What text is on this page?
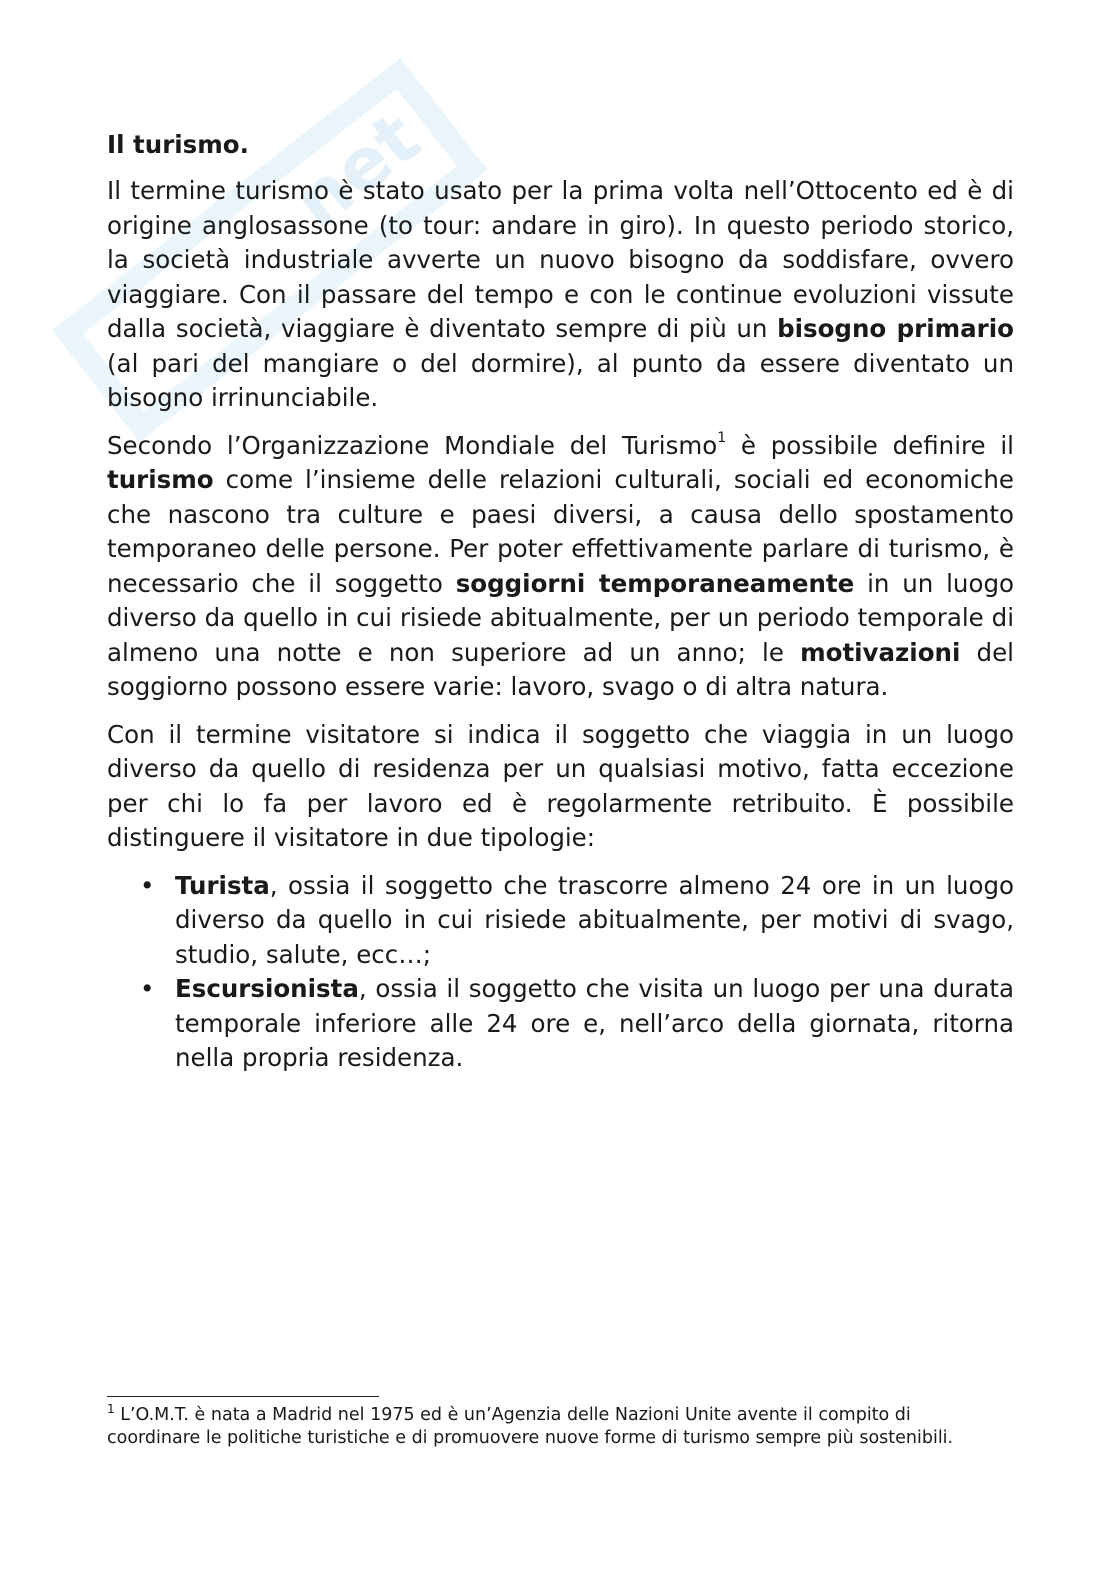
net
Il turismo.

Il termine turismo è stato usato per la prima volta nell’Ottocento ed è di origine anglosassone (to tour: andare in giro). In questo periodo storico, la società industriale avverte un nuovo bisogno da soddisfare, ovvero viaggiare. Con il passare del tempo e con le continue evoluzioni vissute dalla società, viaggiare è diventato sempre di più un bisogno primario (al pari del mangiare o del dormire), al punto da essere diventato un bisogno irrinunciabile.

Secondo l’Organizzazione Mondiale del Turismo$^1$ è possibile definire il turismo come l’insieme delle relazioni culturali, sociali ed economiche che nascono tra culture e paesi diversi, a causa dello spostamento temporaneo delle persone. Per poter effettivamente parlare di turismo, è necessario che il soggetto soggiorni temporaneamente in un luogo diverso da quello in cui risiede abitualmente, per un periodo temporale di almeno una notte e non superiore ad un anno; le motivazioni del soggiorno possono essere varie: lavoro, svago o di altra natura.

Con il termine visitatore si indica il soggetto che viaggia in un luogo diverso da quello di residenza per un qualsiasi motivo, fatta eccezione per chi lo fa per lavoro ed è regolarmente retribuito. È possibile distinguere il visitatore in due tipologie:

• Turista, ossia il soggetto che trascorre almeno 24 ore in un luogo diverso da quello in cui risiede abitualmente, per motivi di svago, studio, salute, ecc…;
• Escursionista, ossia il soggetto che visita un luogo per una durata temporale inferiore alle 24 ore e, nell’arco della giornata, ritorna nella propria residenza.
$^1$ L’O.M.T. è nata a Madrid nel 1975 ed è un’Agenzia delle Nazioni Unite avente il compito di coordinare le politiche turistiche e di promuovere nuove forme di turismo sempre più sostenibili.
